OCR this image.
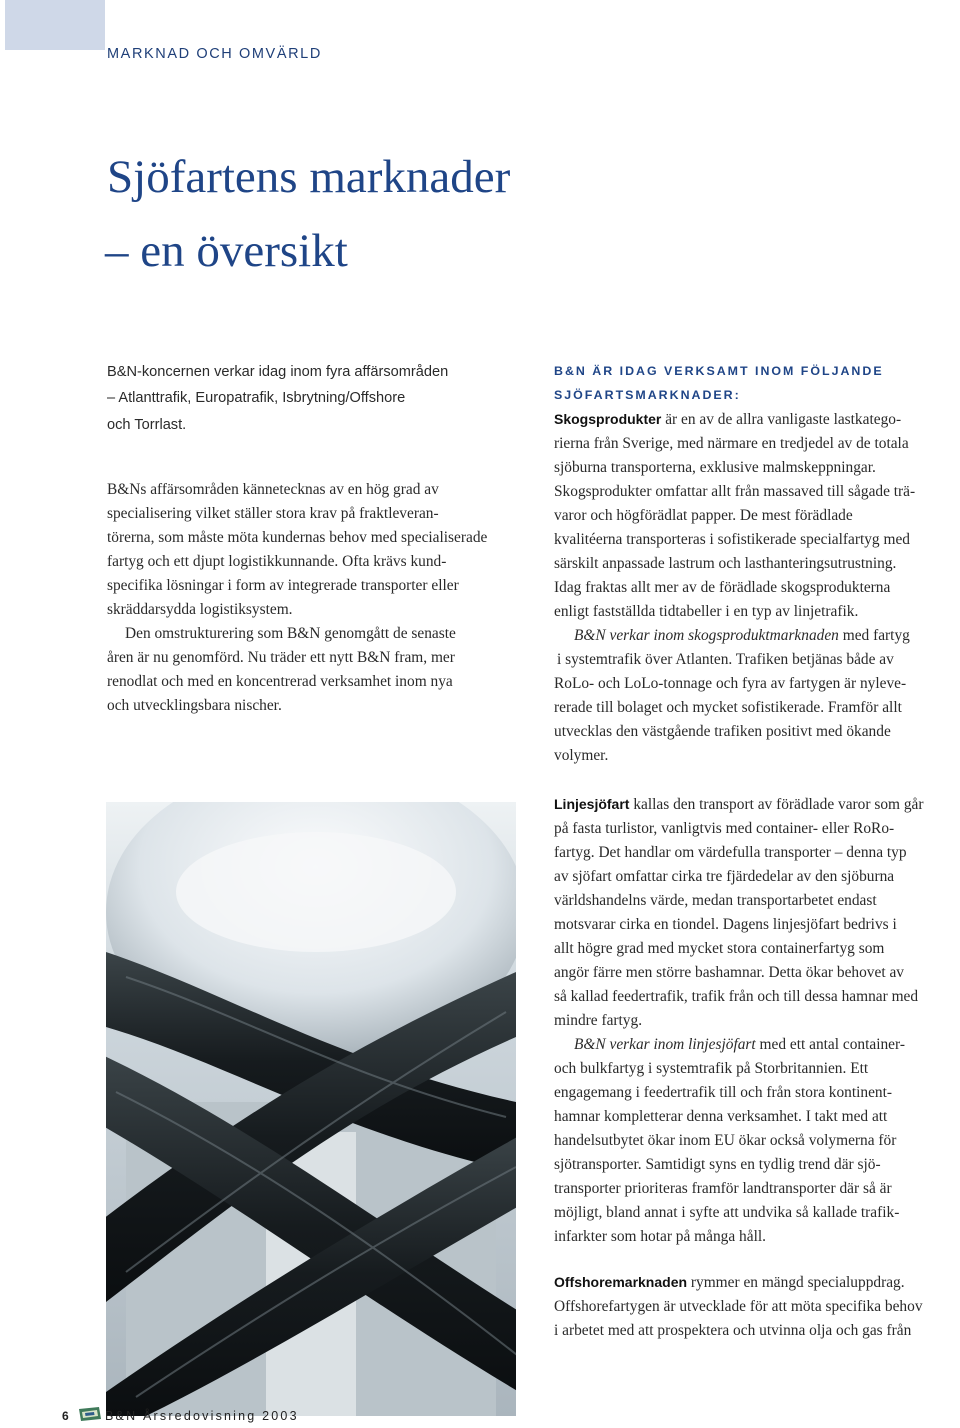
MARKNAD OCH OMVÄRLD
Sjöfartens marknader
– en översikt
B&N-koncernen verkar idag inom fyra affärsområden
– Atlanttrafik, Europatrafik, Isbrytning/Offshore
och Torrlast.
B&Ns affärsområden kännetecknas av en hög grad av
specialisering vilket ställer stora krav på fraktleveran-
törerna, som måste möta kundernas behov med specialiserade
fartyg och ett djupt logistikkunnande. Ofta krävs kund-
specifika lösningar i form av integrerade transporter eller
skräddarsydda logistiksystem.
Den omstrukturering som B&N genomgått de senaste
åren är nu genomförd. Nu träder ett nytt B&N fram, mer
renodlat och med en koncentrerad verksamhet inom nya
och utvecklingsbara nischer.
B&N ÄR IDAG VERKSAMT INOM FÖLJANDE
SJÖFARTSMARKNADER:
Skogsprodukter är en av de allra vanligaste lastkatego-
rierna från Sverige, med närmare en tredjedel av de totala
sjöburna transporterna, exklusive malmskeppningar.
Skogsprodukter omfattar allt från massaved till sågade trä-
varor och högförädlat papper. De mest förädlade
kvalitéerna transporteras i sofistikerade specialfartyg med
särskilt anpassade lastrum och lasthanteringsutrustning.
Idag fraktas allt mer av de förädlade skogsprodukterna
enligt fastställda tidtabeller i en typ av linjetrafik.
B&N verkar inom skogsproduktmarknaden med fartyg
i systemtrafik över Atlanten. Trafiken betjänas både av
RoLo- och LoLo-tonnage och fyra av fartygen är nyleve-
rerade till bolaget och mycket sofistikerade. Framför allt
utvecklas den västgående trafiken positivt med ökande
volymer.
Linjesjöfart kallas den transport av förädlade varor som går
på fasta turlistor, vanligtvis med container- eller RoRo-
fartyg. Det handlar om värdefulla transporter – denna typ
av sjöfart omfattar cirka tre fjärdedelar av den sjöburna
världshandelns värde, medan transportarbetet endast
motsvarar cirka en tiondel. Dagens linjesjöfart bedrivs i
allt högre grad med mycket stora containerfartyg som
angör färre men större bashamnar. Detta ökar behovet av
så kallad feedertrafik, trafik från och till dessa hamnar med
mindre fartyg.
B&N verkar inom linjesjöfart med ett antal container-
och bulkfartyg i systemtrafik på Storbritannien. Ett
engagemang i feedertrafik till och från stora kontinent-
hamnar kompletterar denna verksamhet. I takt med att
handelsutbytet ökar inom EU ökar också volymerna för
sjötransporter. Samtidigt syns en tydlig trend där sjö-
transporter prioriteras framför landtransporter där så är
möjligt, bland annat i syfte att undvika så kallade trafik-
infarkter som hotar på många håll.
Offshoremarknaden rymmer en mängd specialuppdrag.
Offshorefartygen är utvecklade för att möta specifika behov
i arbetet med att prospektera och utvinna olja och gas från
6	B&N Årsredovisning 2003
